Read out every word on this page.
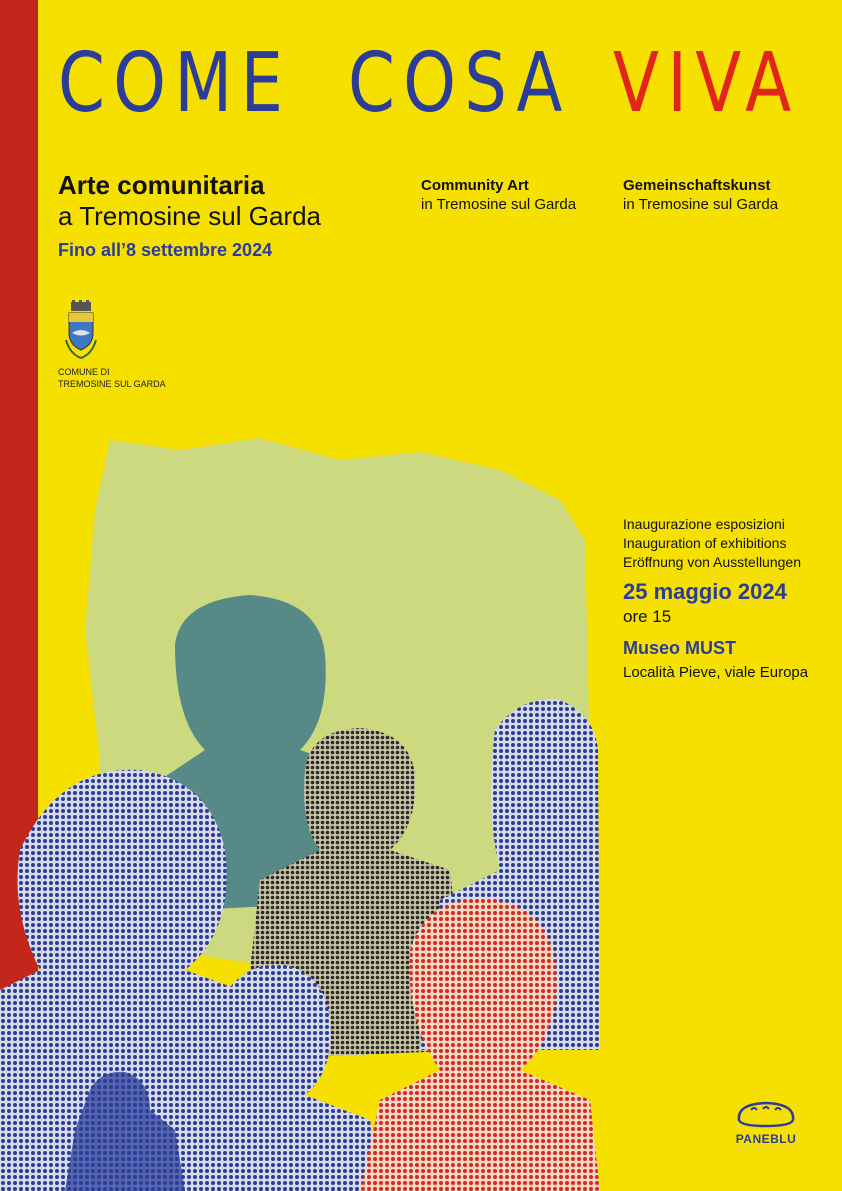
COME COSA VIVA
Arte comunitaria
a Tremosine sul Garda
Fino all’8 settembre 2024
Community Art
in Tremosine sul Garda
Gemeinschaftskunst
in Tremosine sul Garda
COMUNE DI
TREMOSINE SUL GARDA
Inaugurazione esposizioni
Inauguration of exhibitions
Eröffnung von Ausstellungen
25 maggio 2024
ore 15
Museo MUST
Località Pieve, viale Europa
PANEBLU
